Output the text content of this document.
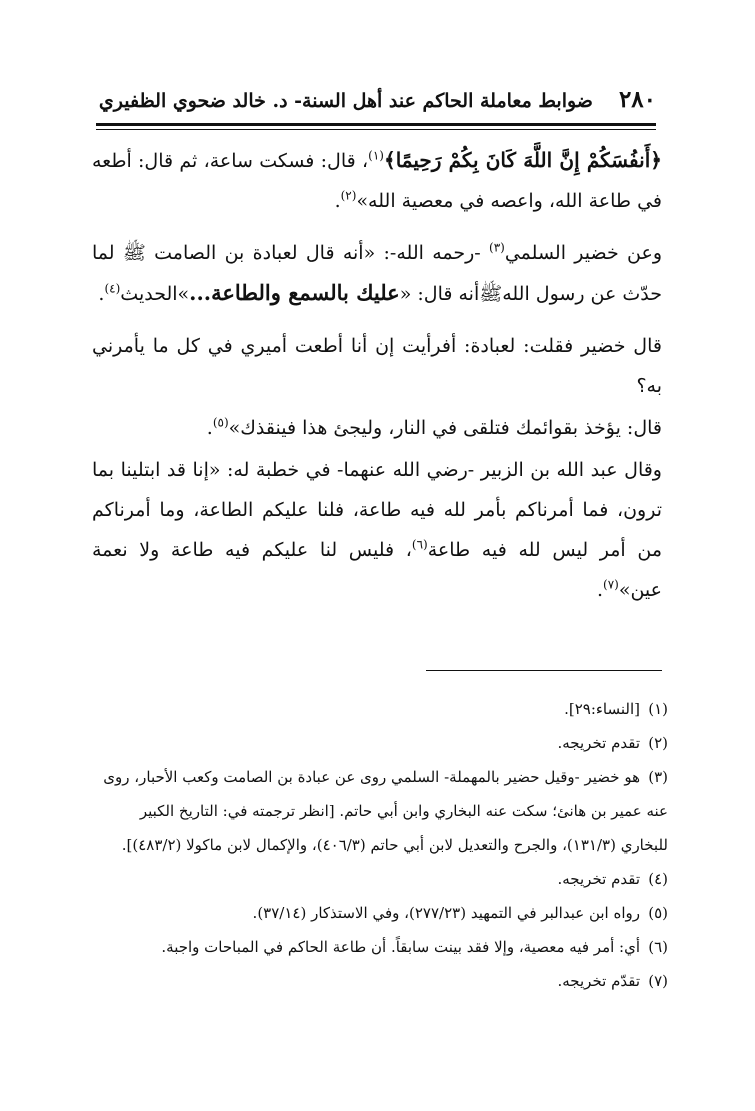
٢٨٠
ضوابط معاملة الحاكم عند أهل السنة- د. خالد ضحوي الظفيري

﴿أَنفُسَكُمْ إِنَّ اللَّهَ كَانَ بِكُمْ رَحِيمًا﴾$^{(١)}$، قال: فسكت ساعة، ثم قال: أطعه في طاعة الله، واعصه في معصية الله»$^{(٢)}$.

وعن خضير السلمي$^{(٣)}$ -رحمه الله-: «أنه قال لعبادة بن الصامت ﷺ لما حدّث عن رسول اللهﷺأنه قال: «عليك بالسمع والطاعة...»الحديث$^{(٤)}$.

قال خضير فقلت: لعبادة: أفرأيت إن أنا أطعت أميري في كل ما يأمرني به؟

قال: يؤخذ بقوائمك فتلقى في النار، وليجئ هذا فينقذك»$^{(٥)}$.

وقال عبد الله بن الزبير -رضي الله عنهما- في خطبة له: «إنا قد ابتلينا بما ترون، فما أمرناكم بأمر لله فيه طاعة، فلنا عليكم الطاعة، وما أمرناكم من أمر ليس لله فيه طاعة$^{(٦)}$، فليس لنا عليكم فيه طاعة ولا نعمة عين»$^{(٧)}$.

(١)[النساء:٢٩].

(٢)تقدم تخريجه.

(٣)هو خضير -وقيل حضير بالمهملة- السلمي روى عن عبادة بن الصامت وكعب الأحبار، روى عنه عمير بن هانئ؛ سكت عنه البخاري وابن أبي حاتم. [انظر ترجمته في: التاريخ الكبير للبخاري (١٣١/٣)، والجرح والتعديل لابن أبي حاتم (٤٠٦/٣)، والإكمال لابن ماكولا (٤٨٣/٢)].

(٤)تقدم تخريجه.

(٥)رواه ابن عبدالبر في التمهيد (٢٧٧/٢٣)، وفي الاستذكار (٣٧/١٤).

(٦)أي: أمر فيه معصية، وإلا فقد بينت سابقاً. أن طاعة الحاكم في المباحات واجبة.

(٧)تقدّم تخريجه.
